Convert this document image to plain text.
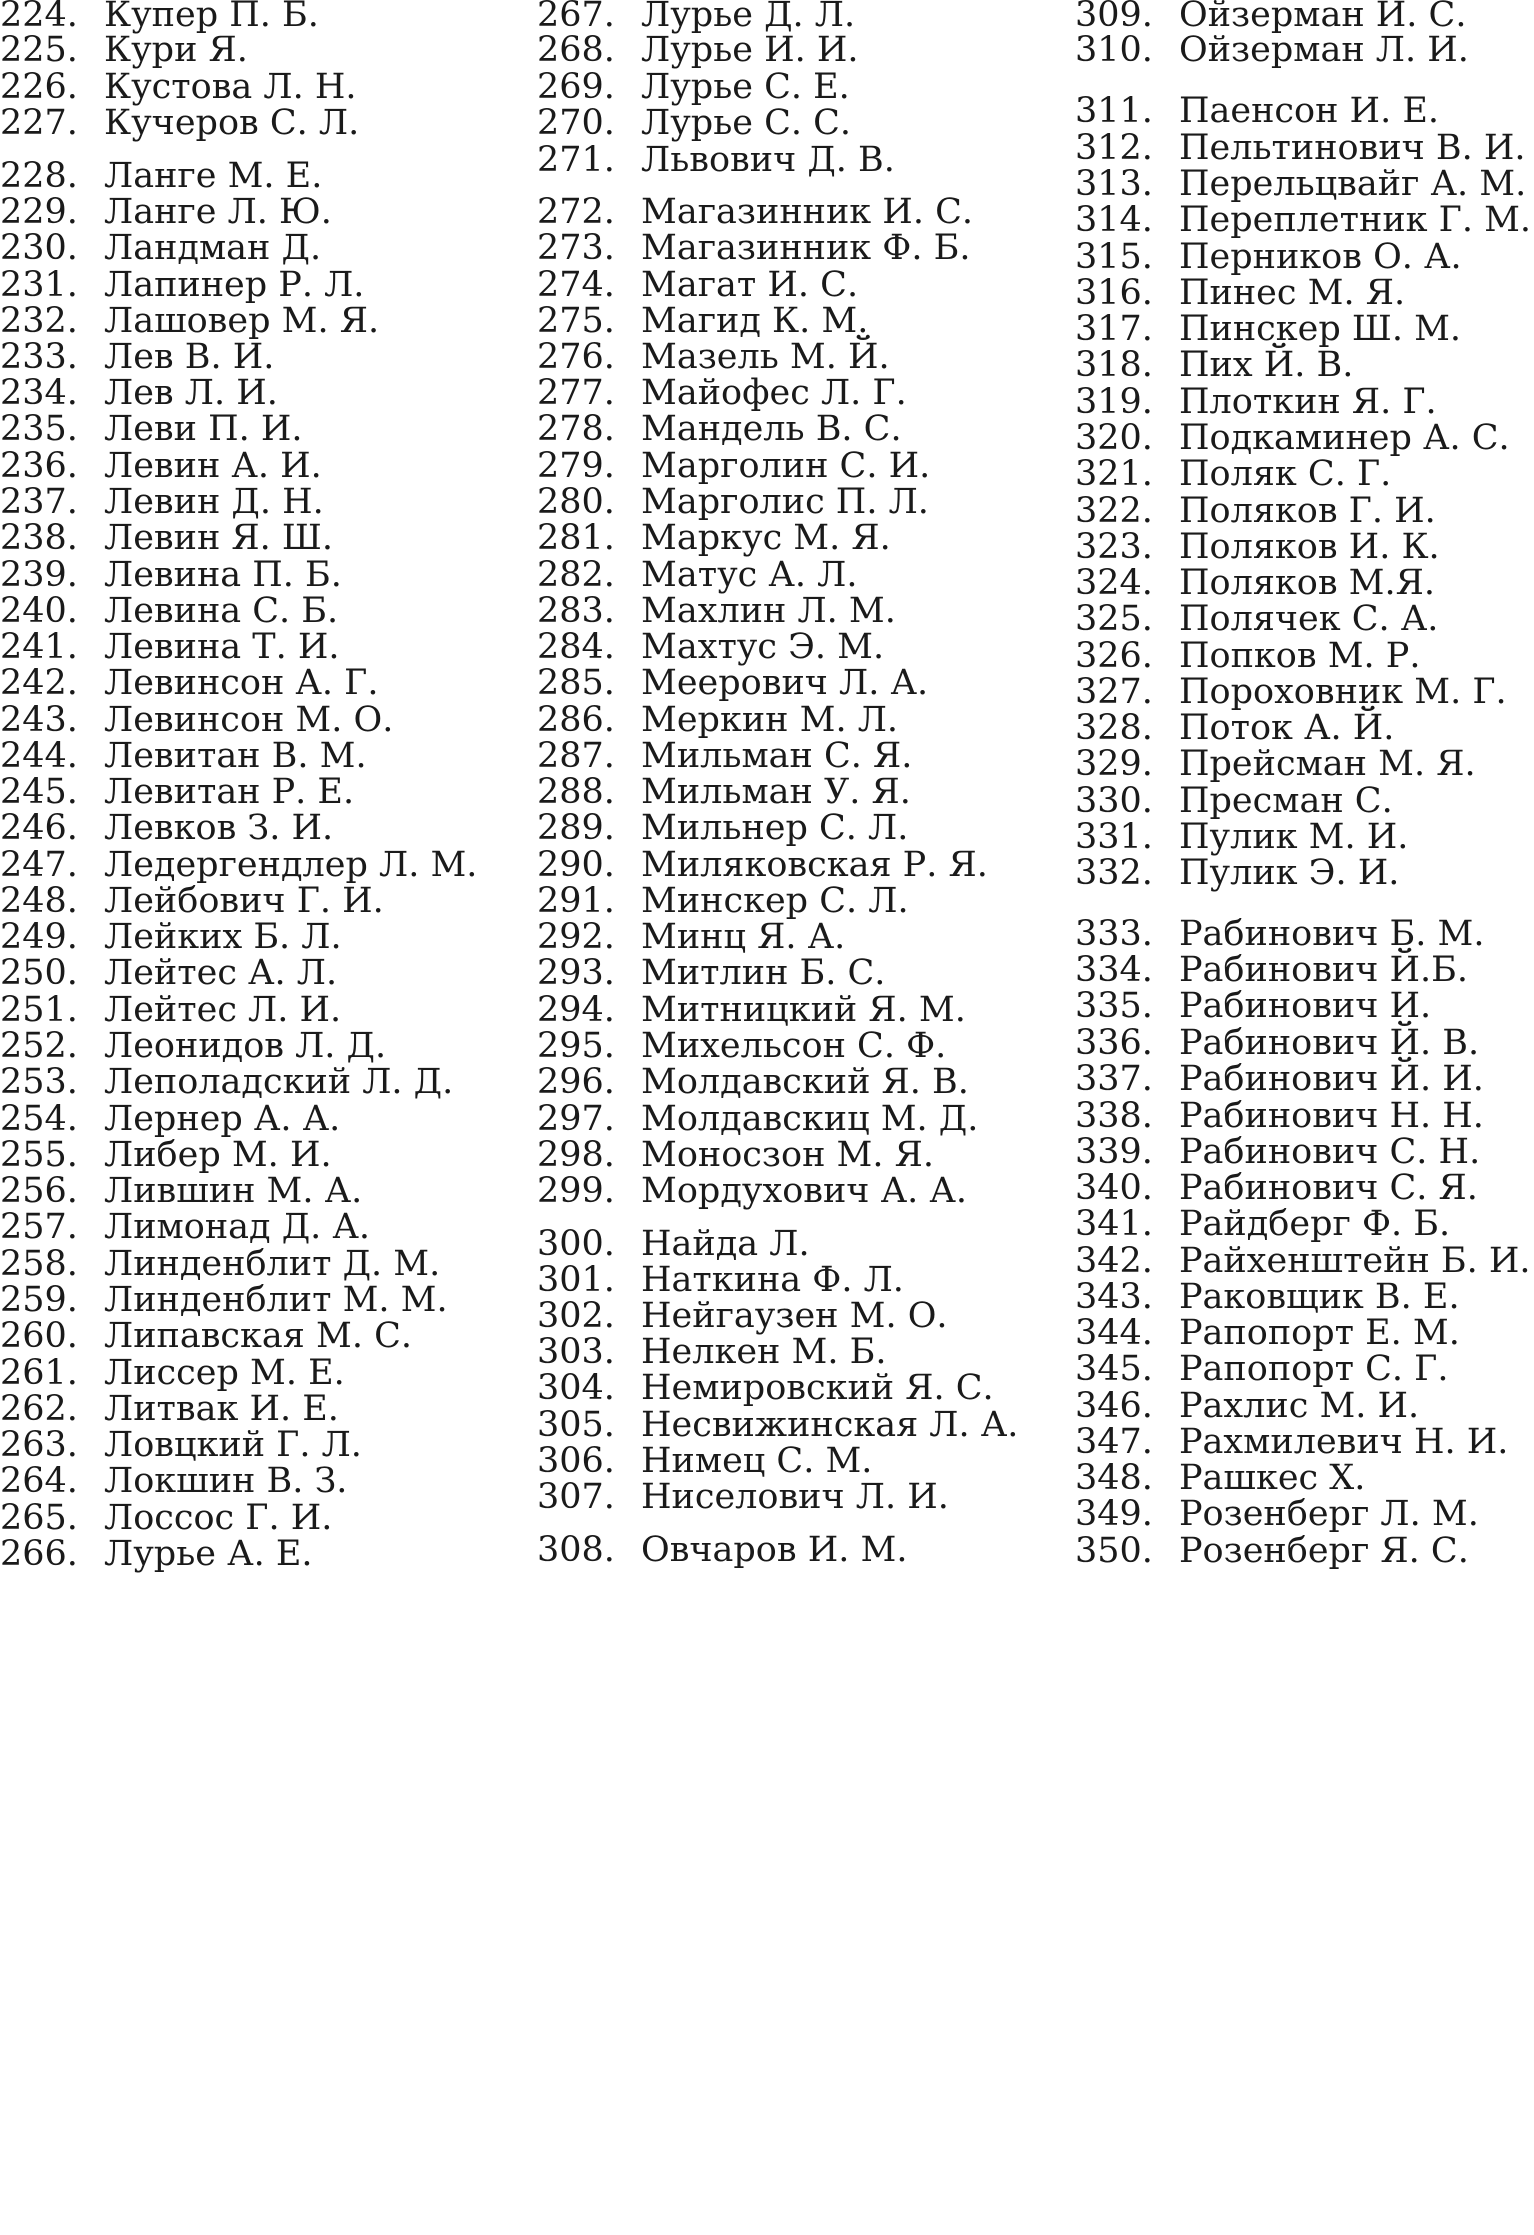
224. Купер П. Б.
225. Кури Я.
226. Кустова Л. Н.
227. Кучеров С. Л.
228. Ланге М. Е.
229. Ланге Л. Ю.
230. Ландман Д.
231. Лапинер Р. Л.
232. Лашовер М. Я.
233. Лев В. И.
234. Лев Л. И.
235. Леви П. И.
236. Левин А. И.
237. Левин Д. Н.
238. Левин Я. Ш.
239. Левина П. Б.
240. Левина С. Б.
241. Левина Т. И.
242. Левинсон А. Г.
243. Левинсон М. О.
244. Левитан В. М.
245. Левитан Р. Е.
246. Левков З. И.
247. Ледергендлер Л. М.
248. Лейбович Г. И.
249. Лейких Б. Л.
250. Лейтес А. Л.
251. Лейтес Л. И.
252. Леонидов Л. Д.
253. Леполадский Л. Д.
254. Лернер А. А.
255. Либер М. И.
256. Лившин М. А.
257. Лимонад Д. А.
258. Линденблит Д. М.
259. Линденблит М. М.
260. Липавская М. С.
261. Лиссер М. Е.
262. Литвак И. Е.
263. Ловцкий Г. Л.
264. Локшин В. З.
265. Лоссос Г. И.
266. Лурье А. Е.
267. Лурье Д. Л.
268. Лурье И. И.
269. Лурье С. Е.
270. Лурье С. С.
271. Львович Д. В.
272. Магазинник И. С.
273. Магазинник Ф. Б.
274. Магат И. С.
275. Магид К. М.
276. Мазель М. Й.
277. Майофес Л. Г.
278. Мандель В. С.
279. Марголин С. И.
280. Марголис П. Л.
281. Маркус М. Я.
282. Матус А. Л.
283. Махлин Л. М.
284. Махтус Э. М.
285. Меерович Л. А.
286. Меркин М. Л.
287. Мильман С. Я.
288. Мильман У. Я.
289. Мильнер С. Л.
290. Миляковская Р. Я.
291. Минскер С. Л.
292. Минц Я. А.
293. Митлин Б. С.
294. Митницкий Я. М.
295. Михельсон С. Ф.
296. Молдавский Я. В.
297. Молдавскиц М. Д.
298. Моносзон М. Я.
299. Мордухович А. А.
300. Найда Л.
301. Наткина Ф. Л.
302. Нейгаузен М. О.
303. Нелкен М. Б.
304. Немировский Я. С.
305. Несвижинская Л. А.
306. Нимец С. М.
307. Ниселович Л. И.
308. Овчаров И. М.
309. Ойзерман И. С.
310. Ойзерман Л. И.
311. Паенсон И. Е.
312. Пельтинович В. И.
313. Перельцвайг А. М.
314. Переплетник Г. М.
315. Перников О. А.
316. Пинес М. Я.
317. Пинскер Ш. М.
318. Пих Й. В.
319. Плоткин Я. Г.
320. Подкаминер А. С.
321. Поляк С. Г.
322. Поляков Г. И.
323. Поляков И. К.
324. Поляков М.Я.
325. Полячек С. А.
326. Попков М. Р.
327. Пороховник М. Г.
328. Поток А. Й.
329. Прейсман М. Я.
330. Пресман С.
331. Пулик М. И.
332. Пулик Э. И.
333. Рабинович Б. М.
334. Рабинович Й.Б.
335. Рабинович И.
336. Рабинович Й. В.
337. Рабинович Й. И.
338. Рабинович Н. Н.
339. Рабинович С. Н.
340. Рабинович С. Я.
341. Райдберг Ф. Б.
342. Райхенштейн Б. И.
343. Раковщик В. Е.
344. Рапопорт Е. М.
345. Рапопорт С. Г.
346. Рахлис М. И.
347. Рахмилевич Н. И.
348. Рашкес Х.
349. Розенберг Л. М.
350. Розенберг Я. С.
